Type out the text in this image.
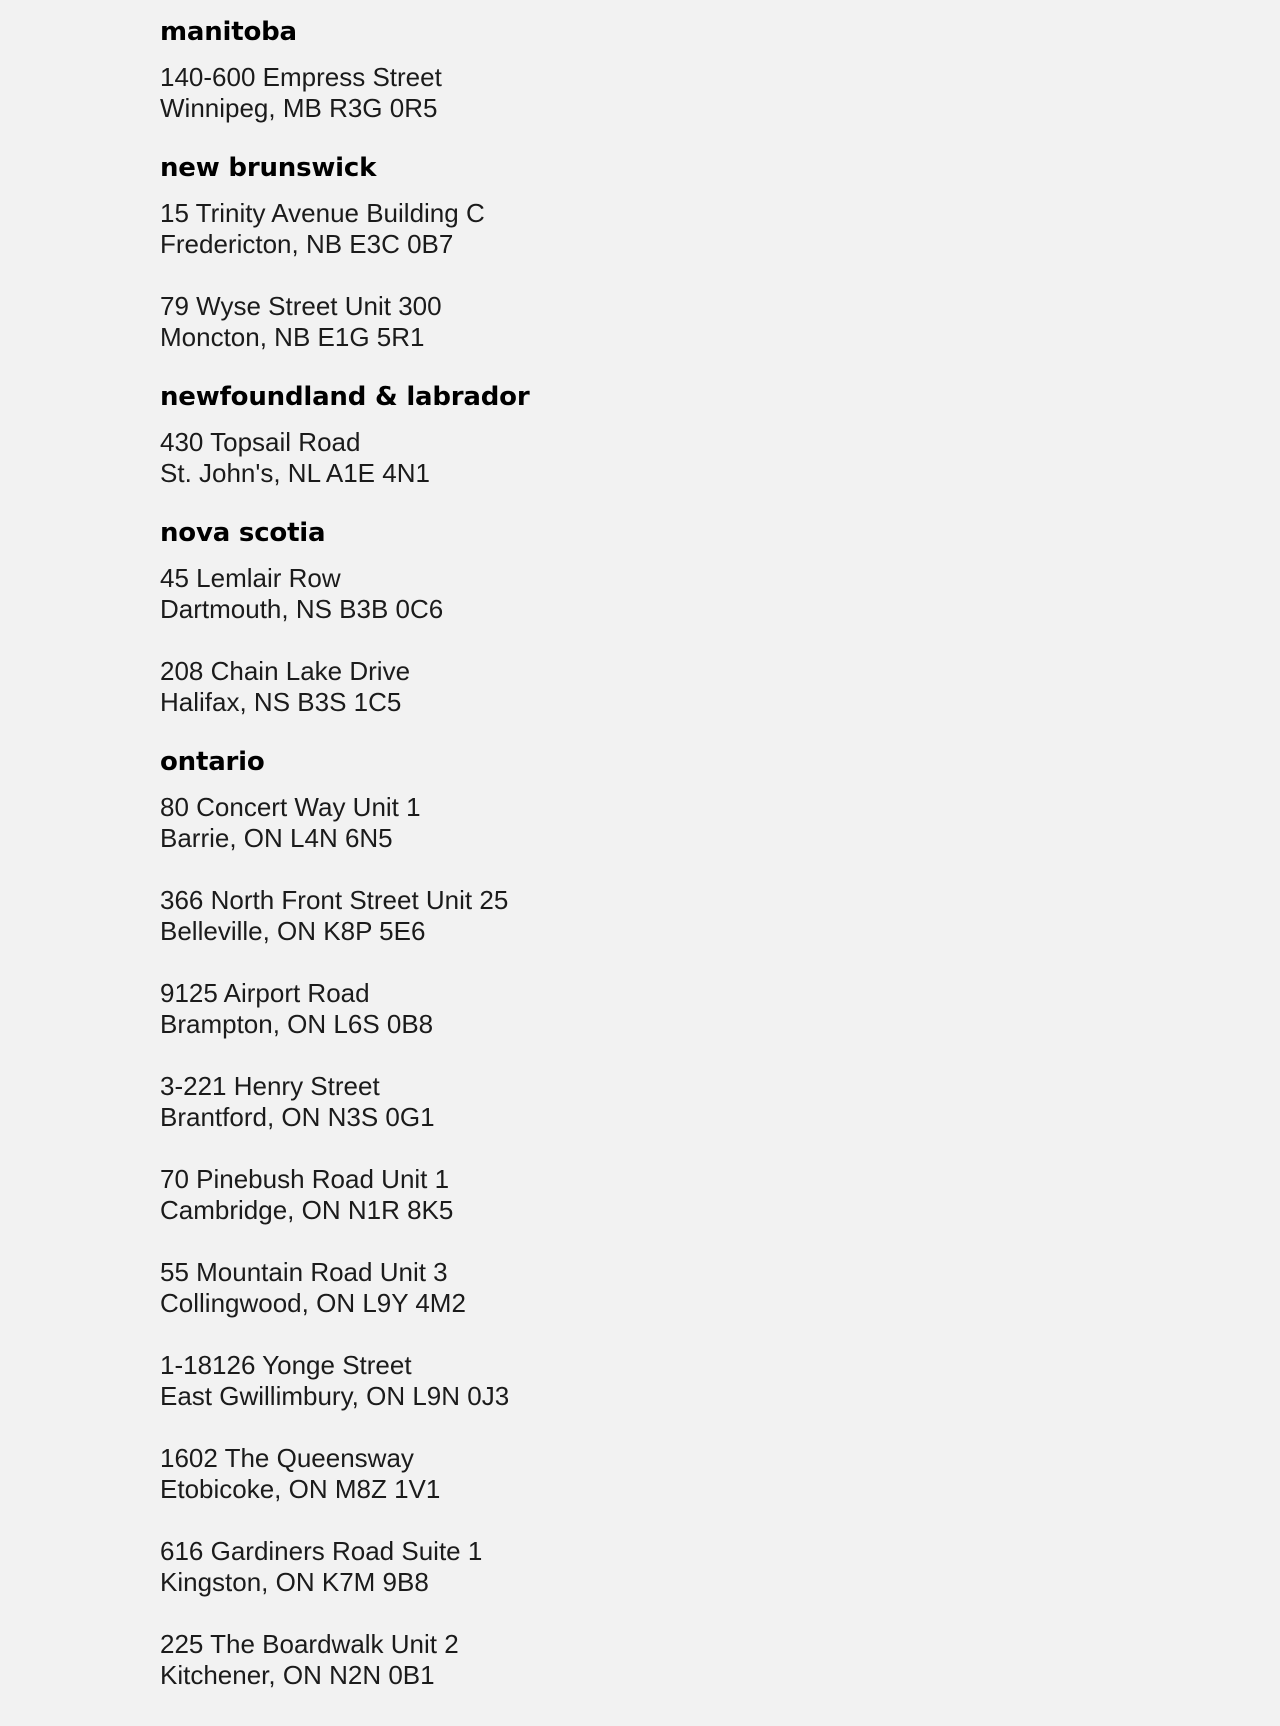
manitoba

140-600 Empress Street
Winnipeg, MB R3G 0R5

new brunswick

15 Trinity Avenue Building C
Fredericton, NB E3C 0B7

79 Wyse Street Unit 300
Moncton, NB E1G 5R1

newfoundland & labrador

430 Topsail Road
St. John's, NL A1E 4N1

nova scotia

45 Lemlair Row
Dartmouth, NS B3B 0C6

208 Chain Lake Drive
Halifax, NS B3S 1C5

ontario

80 Concert Way Unit 1
Barrie, ON L4N 6N5

366 North Front Street Unit 25
Belleville, ON K8P 5E6

9125 Airport Road
Brampton, ON L6S 0B8

3-221 Henry Street
Brantford, ON N3S 0G1

70 Pinebush Road Unit 1
Cambridge, ON N1R 8K5

55 Mountain Road Unit 3
Collingwood, ON L9Y 4M2

1-18126 Yonge Street
East Gwillimbury, ON L9N 0J3

1602 The Queensway
Etobicoke, ON M8Z 1V1

616 Gardiners Road Suite 1
Kingston, ON K7M 9B8

225 The Boardwalk Unit 2
Kitchener, ON N2N 0B1
